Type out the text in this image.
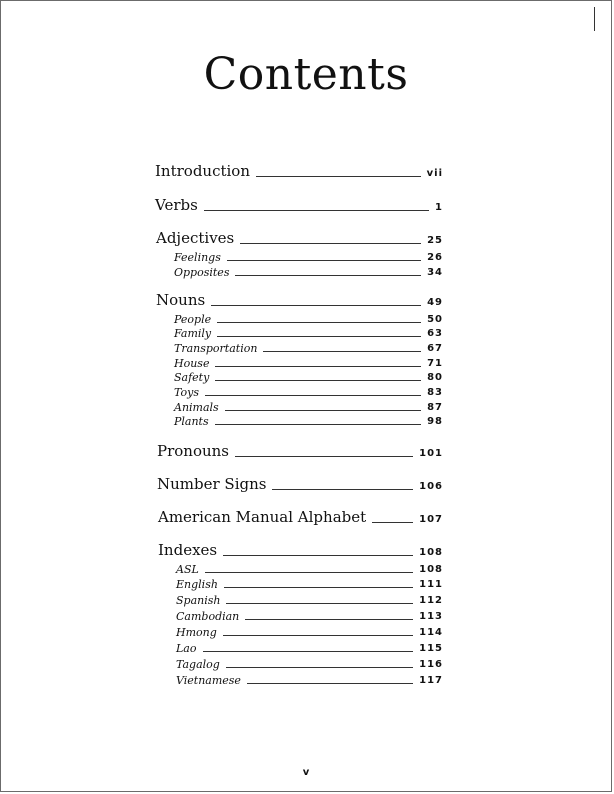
Contents
Introduction	vii
Verbs	1
Adjectives	25
Feelings	26
Opposites	34
Nouns	49
People	50
Family	63
Transportation	67
House	71
Safety	80
Toys	83
Animals	87
Plants	98
Pronouns	101
Number Signs	106
American Manual Alphabet	107
Indexes	108
ASL	108
English	111
Spanish	112
Cambodian	113
Hmong	114
Lao	115
Tagalog	116
Vietnamese	117
v
